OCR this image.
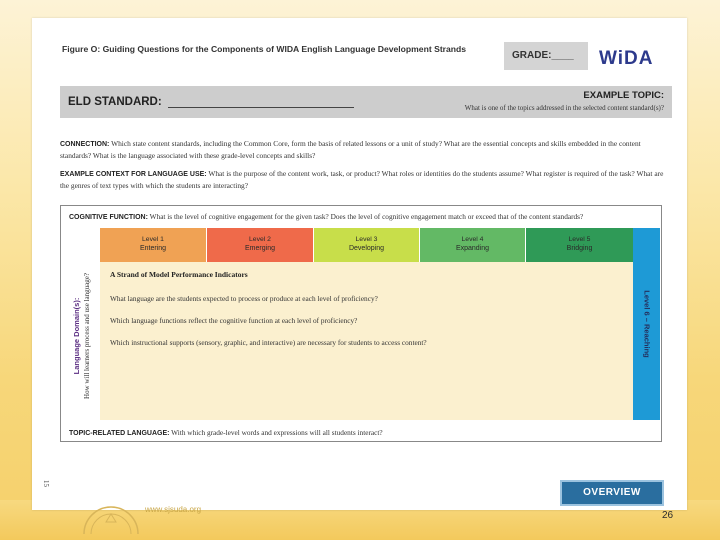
Figure O: Guiding Questions for the Components of WIDA English Language Development Strands
GRADE:____	WiDA
ELD STANDARD:
EXAMPLE TOPIC:
What is one of the topics addressed in the selected content standard(s)?
CONNECTION: Which state content standards, including the Common Core, form the basis of related lessons or a unit of study? What are the essential concepts and skills embedded in the content standards? What is the language associated with these grade-level concepts and skills?
EXAMPLE CONTEXT FOR LANGUAGE USE: What is the purpose of the content work, task, or product? What roles or identities do the students assume? What register is required of the task? What are the genres of text types with which the students are interacting?
COGNITIVE FUNCTION: What is the level of cognitive engagement for the given task? Does the level of cognitive engagement match or exceed that of the content standards?
Language Domain(s): How will learners process and use language?
Level 1
Entering
Level 2
Emerging
Level 3
Developing
Level 4
Expanding
Level 5
Bridging
A Strand of Model Performance Indicators
What language are the students expected to process or produce at each level of proficiency?
Which language functions reflect the cognitive function at each level of proficiency?
Which instructional supports (sensory, graphic, and interactive) are necessary for students to access content?	Level 6 – Reaching
TOPIC-RELATED LANGUAGE: With which grade-level words and expressions will all students interact?
15
OVERVIEW
www.sjsuda.org
26
